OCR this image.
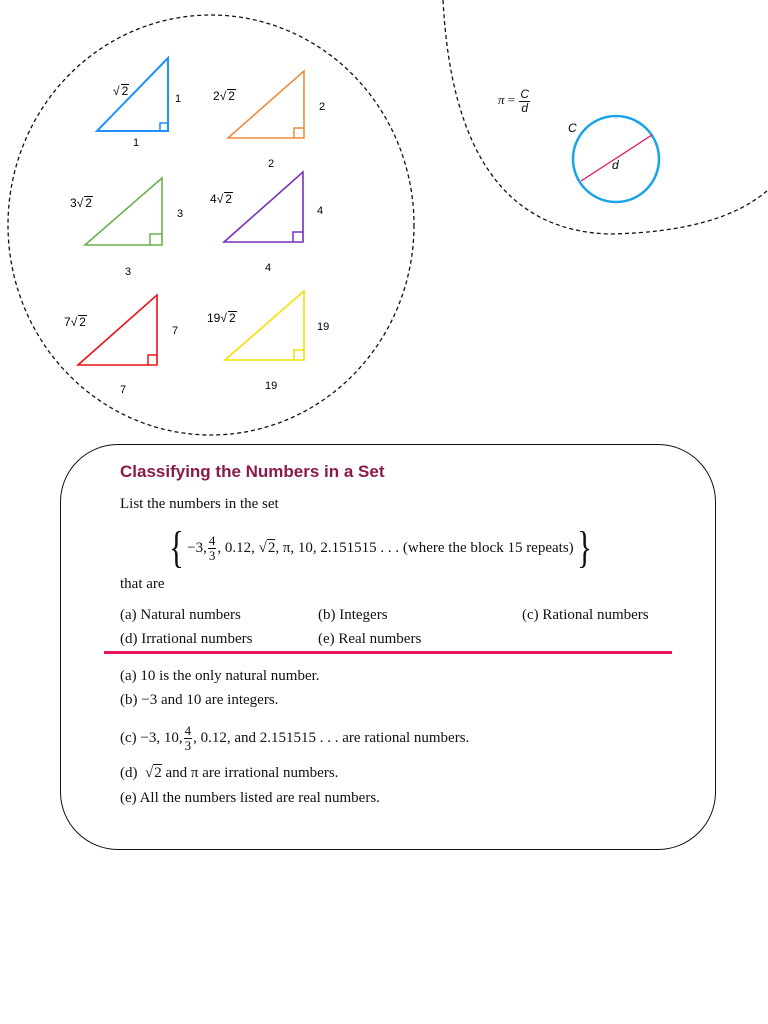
√ 2
1
1
2√ 2
2
2
3√ 2
3
3
4√ 2
4
4
7√ 2
7
7
19√ 2
19
19
$\pi = \frac{C}{d}$
C
d
Classifying the Numbers in a Set
List the numbers in the set
{ −3, $\frac{4}{3}$ , 0.12,
√ 2 , π, 10, 2.151515 . . . (where the block 15 repeats) }
that are
(a) Natural numbers	(b) Integers	(c) Rational numbers
(d) Irrational numbers	(e) Real numbers
(a) 10 is the only natural number.
(b) −3 and 10 are integers.
(c) −3, 10, $\frac{4}{3}$ , 0.12, and 2.151515 . . . are rational numbers.
(d) √2 and π are irrational numbers.
(e) All the numbers listed are real numbers.
